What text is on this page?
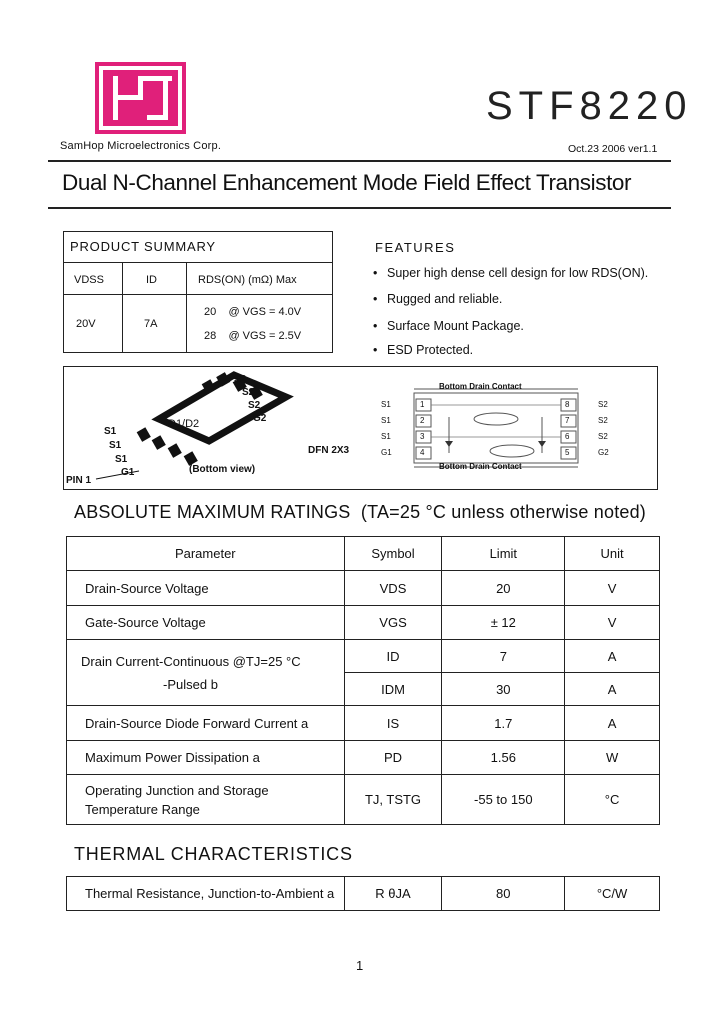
SamHop Microelectronics Corp.
STF8220
Oct.23 2006 ver1.1
Dual N-Channel Enhancement Mode Field Effect Transistor
PRODUCT SUMMARY
VDSS	ID	RDS(ON) (mΩ) Max
20V	7A
20    @ VGS = 4.0V
28    @ VGS = 2.5V
FEATURES
• Super high dense cell design for low RDS(ON).
• Rugged and reliable.
• Surface Mount Package.
• ESD Protected.
S2
S2
S2
G2
S1
S1
S1
G1
D1/D2
PIN 1
(Bottom view)
DFN 2X3
Bottom Drain Contact
Bottom Drain Contact
S1
S1
S1
G1
1
2
3
4
8
7
6
5
S2
S2
S2
G2
ABSOLUTE MAXIMUM RATINGS (TA=25 °C unless otherwise noted)
Parameter	Symbol	Limit	Unit
Drain-Source Voltage	VDS	20	V
Gate-Source Voltage	VGS	± 12	V

Drain Current-Continuous @TJ=25 °C
-Pulsed b	ID	7	A
	IDM	30	A
Drain-Source Diode Forward Current a	IS	1.7	A
Maximum Power Dissipation a	PD	1.56	W

Operating Junction and Storage
Temperature Range	TJ, TSTG	-55 to 150	°C
THERMAL CHARACTERISTICS
Thermal Resistance, Junction-to-Ambient a	R θJA	80	°C/W
1
